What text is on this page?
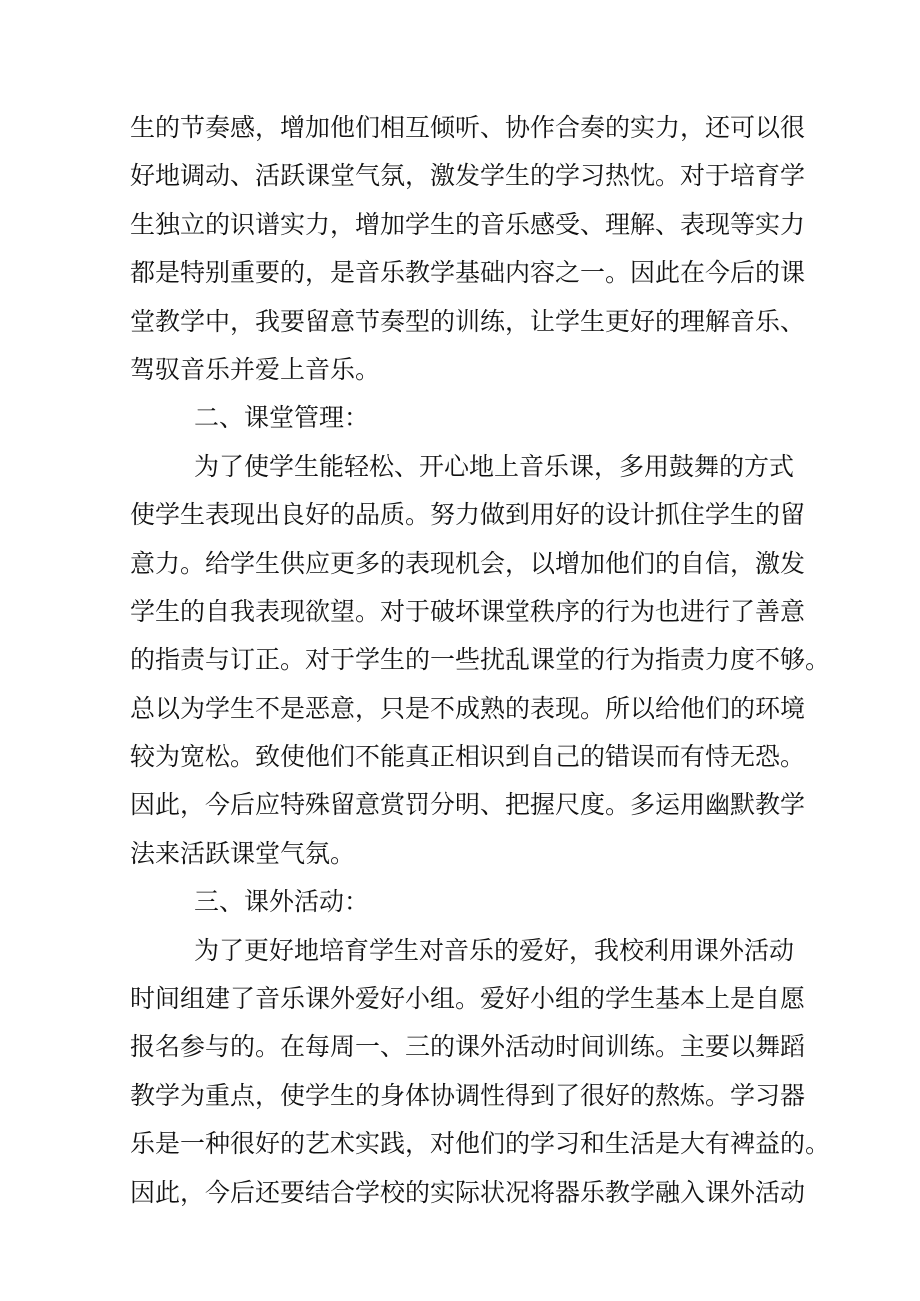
生的节奏感，增加他们相互倾听、协作合奏的实力，还可以很
好地调动、活跃课堂气氛，激发学生的学习热忱。对于培育学
生独立的识谱实力，增加学生的音乐感受、理解、表现等实力
都是特别重要的，是音乐教学基础内容之一。因此在今后的课
堂教学中，我要留意节奏型的训练，让学生更好的理解音乐、
驾驭音乐并爱上音乐。
二、课堂管理：
为了使学生能轻松、开心地上音乐课，多用鼓舞的方式
使学生表现出良好的品质。努力做到用好的设计抓住学生的留
意力。给学生供应更多的表现机会，以增加他们的自信，激发
学生的自我表现欲望。对于破坏课堂秩序的行为也进行了善意
的指责与订正。对于学生的一些扰乱课堂的行为指责力度不够。
总以为学生不是恶意，只是不成熟的表现。所以给他们的环境
较为宽松。致使他们不能真正相识到自己的错误而有恃无恐。
因此，今后应特殊留意赏罚分明、把握尺度。多运用幽默教学
法来活跃课堂气氛。
三、课外活动：
为了更好地培育学生对音乐的爱好，我校利用课外活动
时间组建了音乐课外爱好小组。爱好小组的学生基本上是自愿
报名参与的。在每周一、三的课外活动时间训练。主要以舞蹈
教学为重点，使学生的身体协调性得到了很好的熬炼。学习器
乐是一种很好的艺术实践，对他们的学习和生活是大有裨益的。
因此，今后还要结合学校的实际状况将器乐教学融入课外活动
